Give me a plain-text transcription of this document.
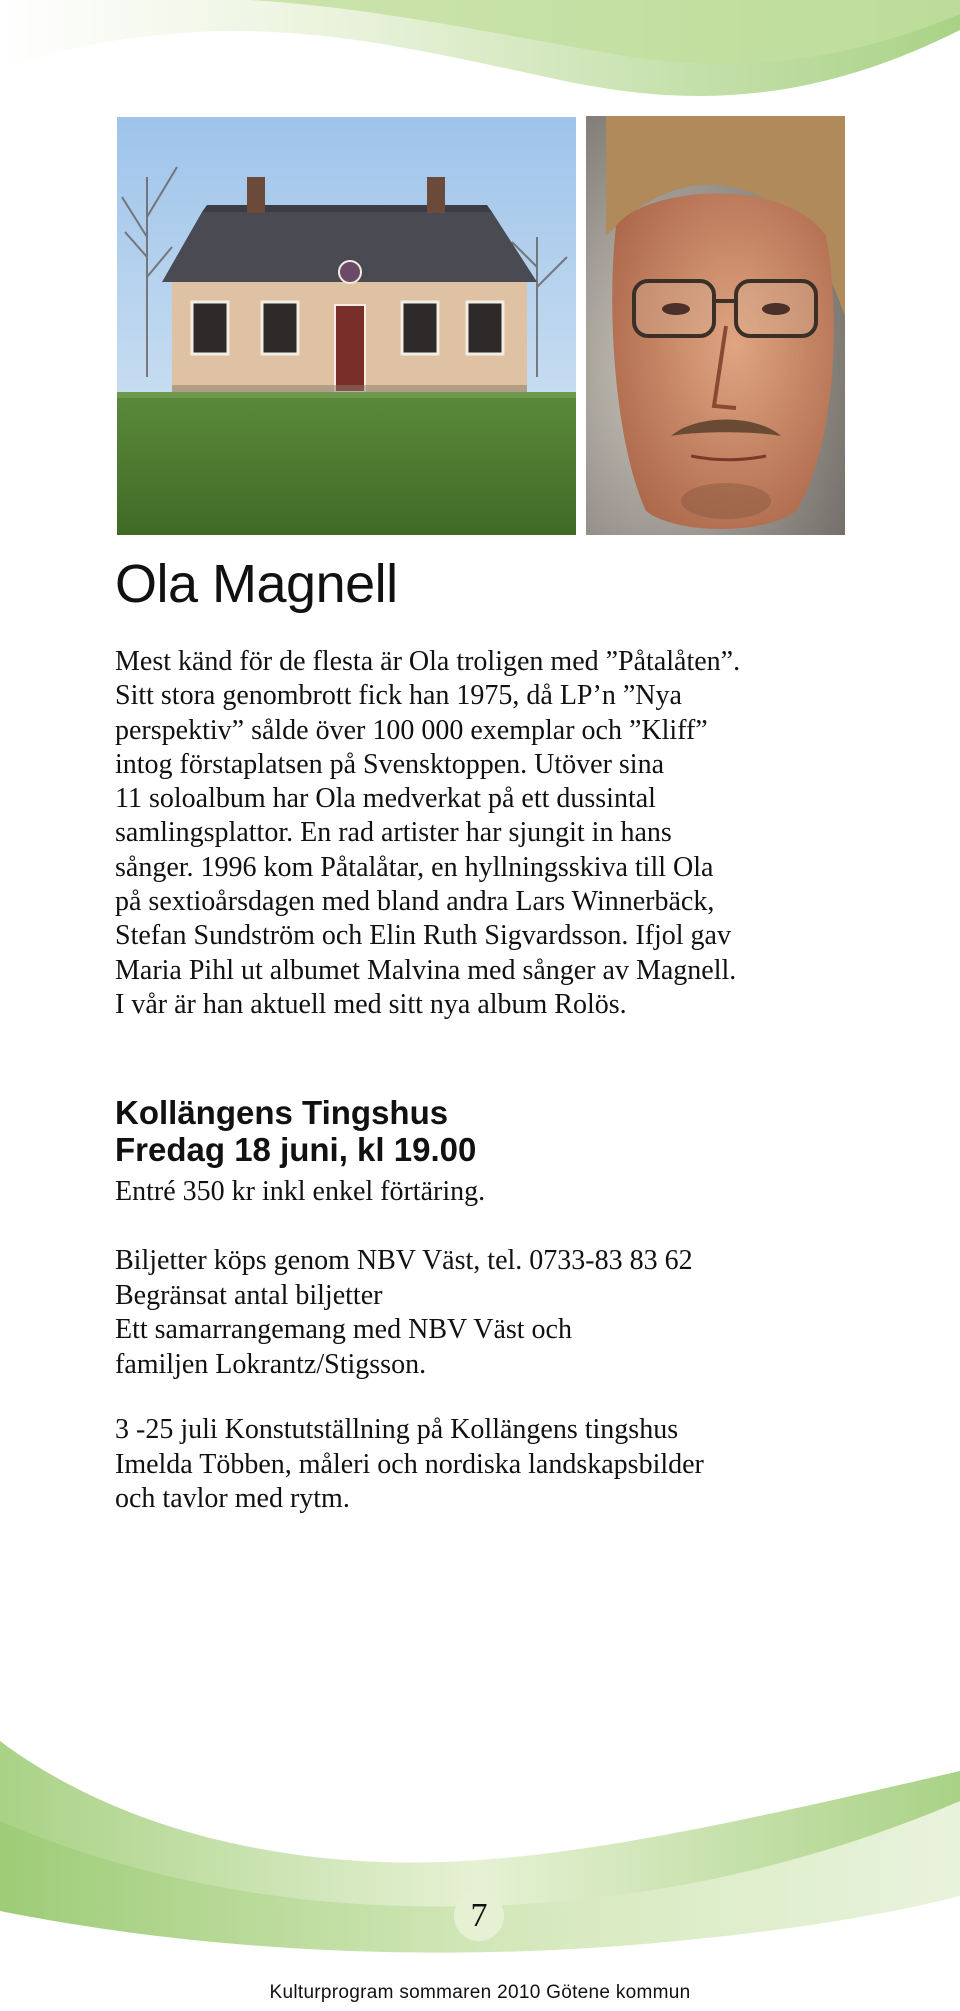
Ola Magnell

Mest känd för de flesta är Ola troligen med ”Påtalåten”.
Sitt stora genombrott fick han 1975, då LP’n ”Nya
perspektiv” sålde över 100 000 exemplar och ”Kliff”
intog förstaplatsen på Svensktoppen. Utöver sina
11 soloalbum har Ola medverkat på ett dussintal
samlingsplattor. En rad artister har sjungit in hans
sånger. 1996 kom Påtalåtar, en hyllningsskiva till Ola
på sextioårsdagen med bland andra Lars Winnerbäck,
Stefan Sundström och Elin Ruth Sigvardsson. Ifjol gav
Maria Pihl ut albumet Malvina med sånger av Magnell.
I vår är han aktuell med sitt nya album Rolös.

Kollängens Tingshus
Fredag 18 juni, kl 19.00
Entré 350 kr inkl enkel förtäring.
Biljetter köps genom NBV Väst, tel. 0733-83 83 62
Begränsat antal biljetter
Ett samarrangemang med NBV Väst och
familjen Lokrantz/Stigsson.
3 -25 juli Konstutställning på Kollängens tingshus
Imelda Többen, måleri och nordiska landskapsbilder
och tavlor med rytm.
7
Kulturprogram sommaren 2010 Götene kommun
